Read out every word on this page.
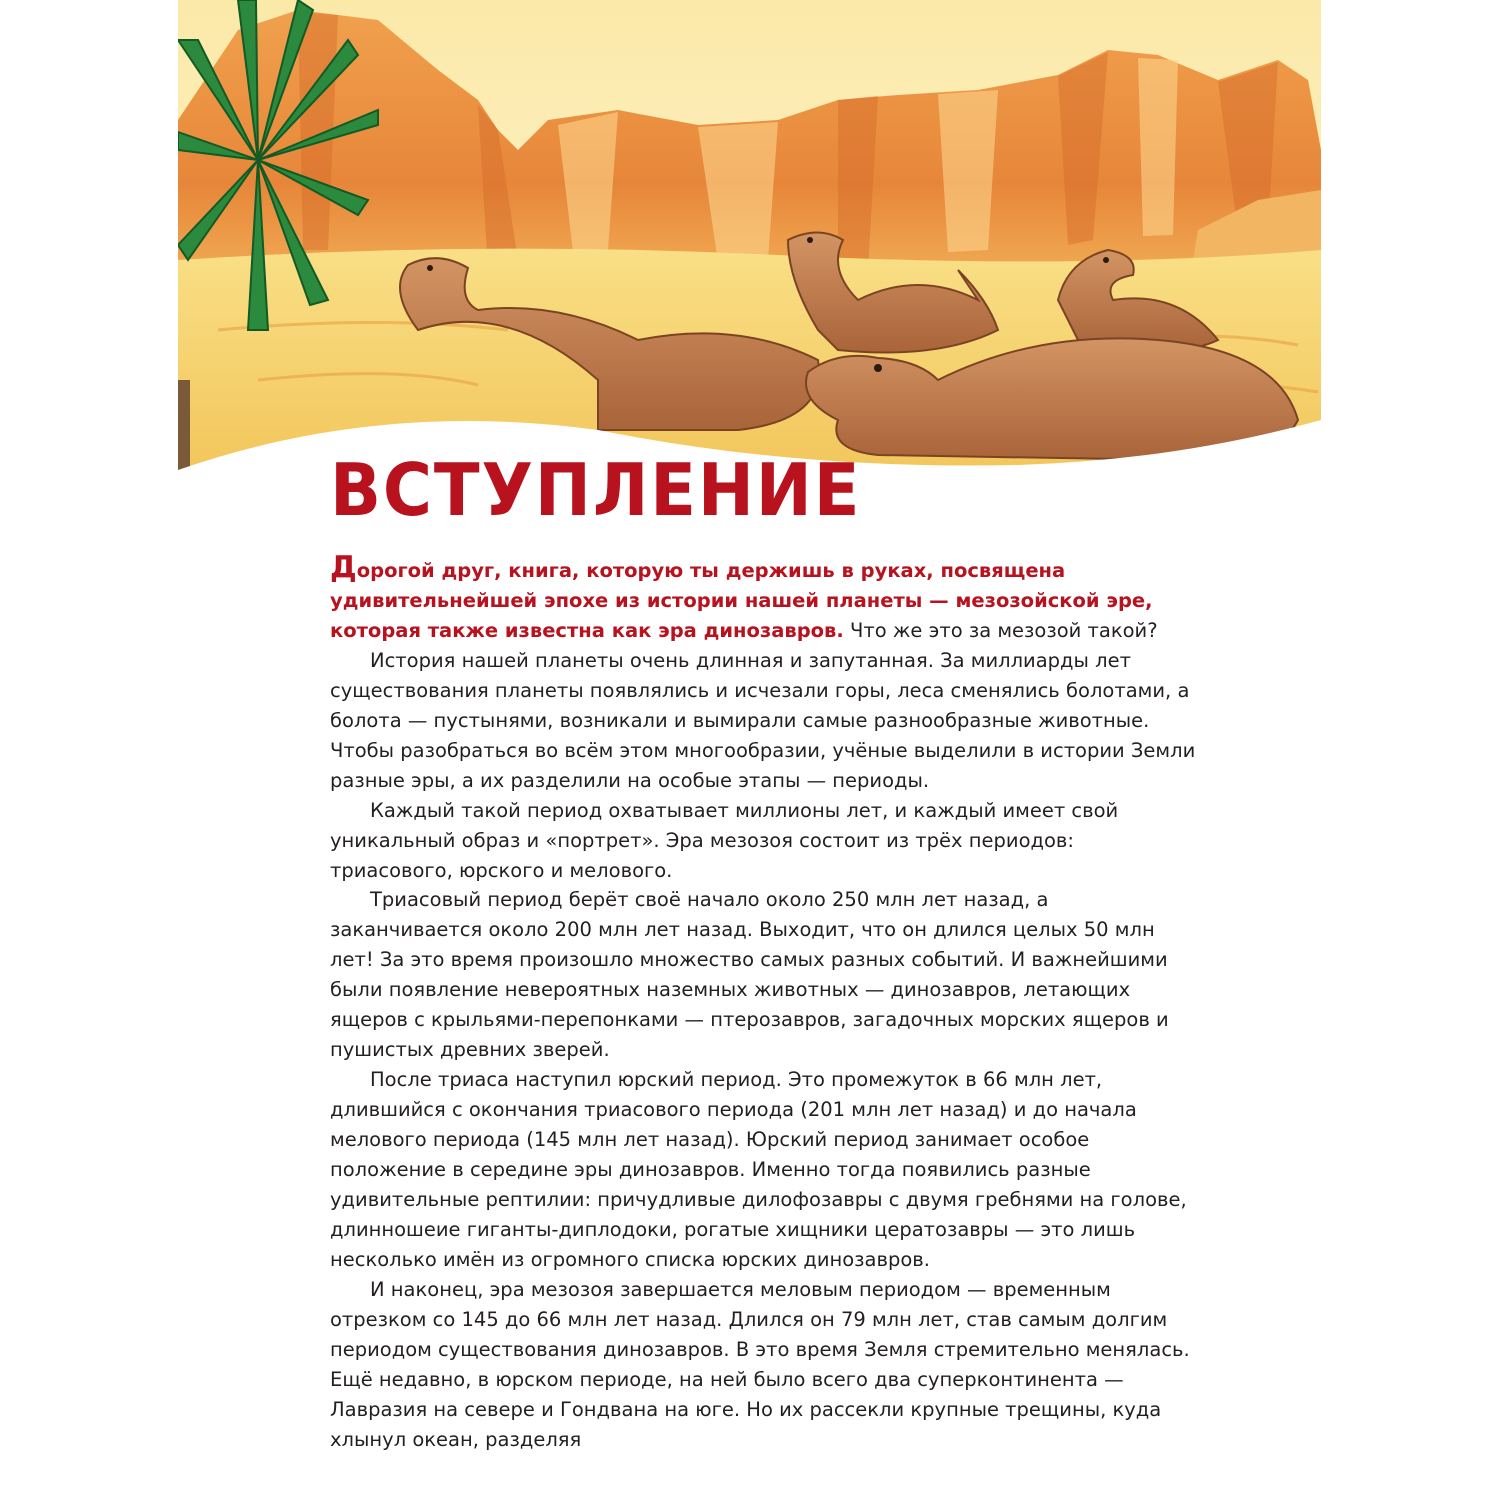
ВСТУПЛЕНИЕ

Дорогой друг, книга, которую ты держишь в руках, посвящена удивительнейшей эпохе из истории нашей планеты — мезозойской эре, которая также известна как эра динозавров. Что же это за мезозой такой?

История нашей планеты очень длинная и запутанная. За миллиарды лет существования планеты появлялись и исчезали горы, леса сменялись болотами, а болота — пустынями, возникали и вымирали самые разнообразные животные. Чтобы разобраться во всём этом многообразии, учёные выделили в истории Земли разные эры, а их разделили на особые этапы — периоды.

Каждый такой период охватывает миллионы лет, и каждый имеет свой уникальный образ и «портрет». Эра мезозоя состоит из трёх периодов: триасового, юрского и мелового.

Триасовый период берёт своё начало около 250 млн лет назад, а заканчивается около 200 млн лет назад. Выходит, что он длился целых 50 млн лет! За это время произошло множество самых разных событий. И важнейшими были появление невероятных наземных животных — динозавров, летающих ящеров с крыльями-перепонками — птерозавров, загадочных морских ящеров и пушистых древних зверей.

После триаса наступил юрский период. Это промежуток в 66 млн лет, длившийся с окончания триасового периода (201 млн лет назад) и до начала мелового периода (145 млн лет назад). Юрский период занимает особое положение в середине эры динозавров. Именно тогда появились разные удивительные рептилии: причудливые дилофозавры с двумя гребнями на голове, длинношеие гиганты-диплодоки, рогатые хищники цератозавры — это лишь несколько имён из огромного списка юрских динозавров.

И наконец, эра мезозоя завершается меловым периодом — временным отрезком со 145 до 66 млн лет назад. Длился он 79 млн лет, став самым долгим периодом существования динозавров. В это время Земля стремительно менялась. Ещё недавно, в юрском периоде, на ней было всего два суперконтинента — Лавразия на севере и Гондвана на юге. Но их рассекли крупные трещины, куда хлынул океан, разделяя
